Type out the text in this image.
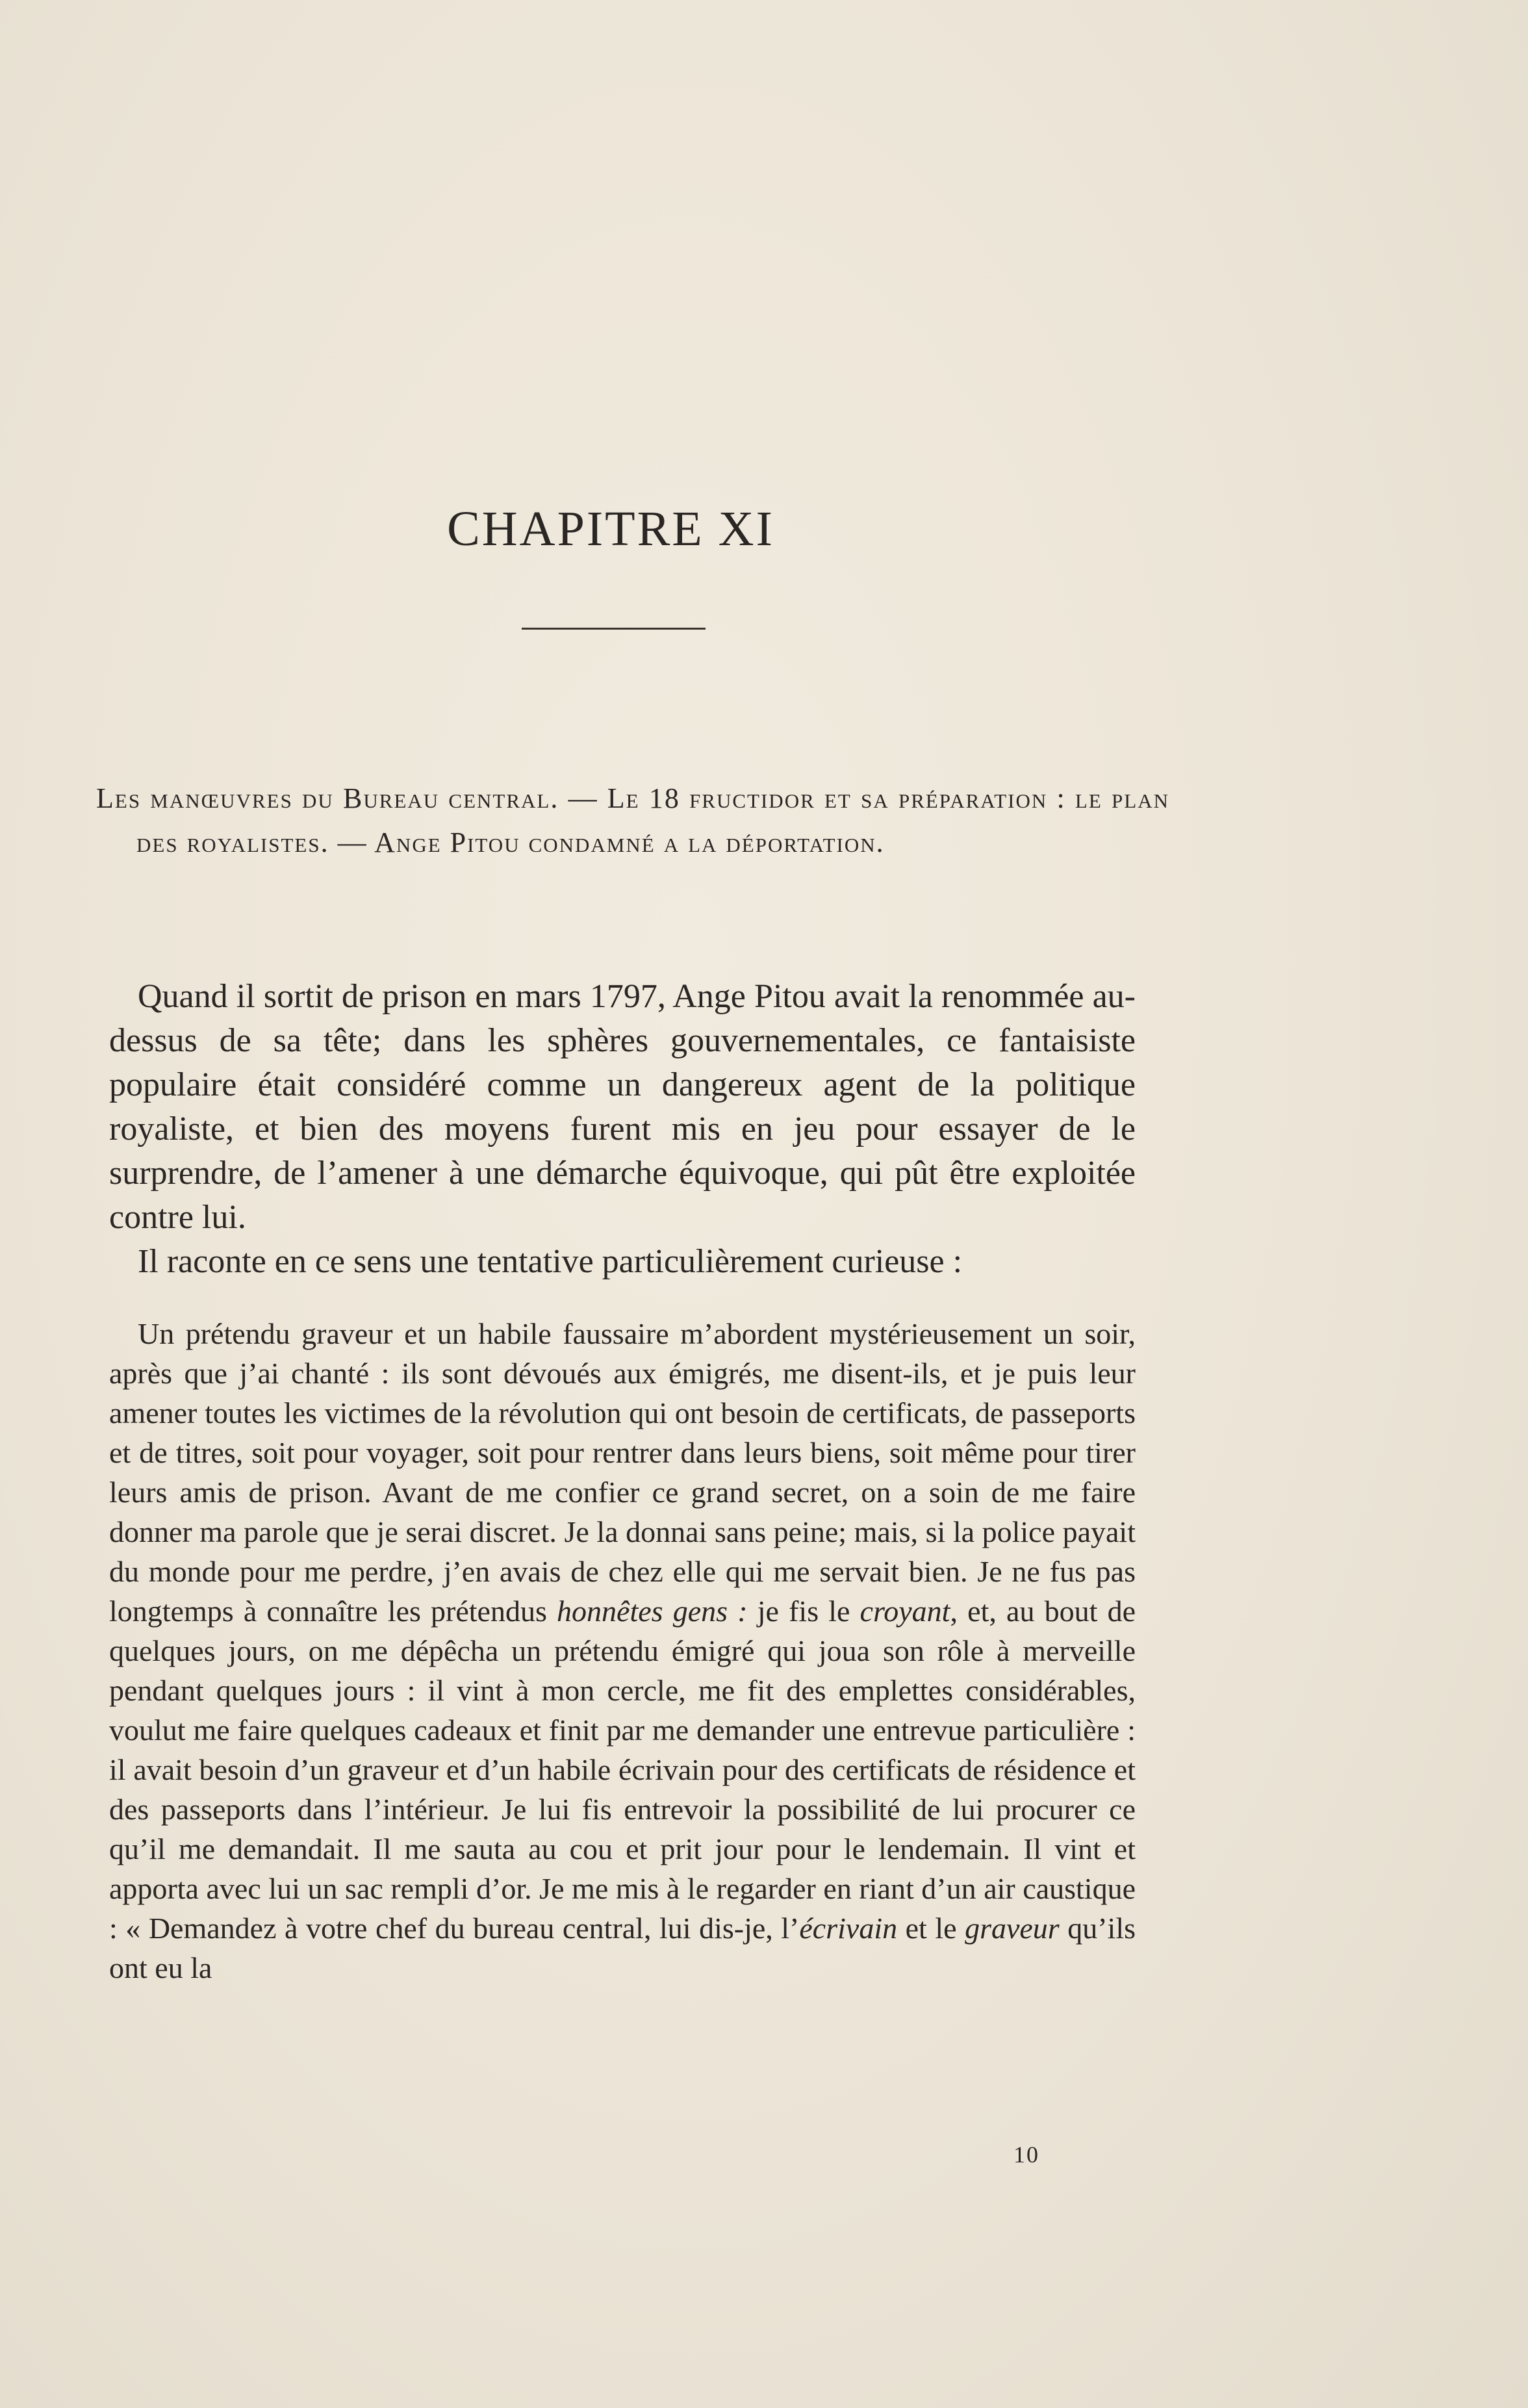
CHAPITRE XI
Les manœuvres du Bureau central. — Le 18 fructidor et sa préparation : le plan des royalistes. — Ange Pitou condamné a la déportation.

Quand il sortit de prison en mars 1797, Ange Pitou avait la renommée au-dessus de sa tête; dans les sphères gouvernementales, ce fantaisiste populaire était considéré comme un dangereux agent de la politique royaliste, et bien des moyens furent mis en jeu pour essayer de le surprendre, de l’amener à une démarche équivoque, qui pût être exploitée contre lui.

Il raconte en ce sens une tentative particulièrement curieuse :

Un prétendu graveur et un habile faussaire m’abordent mystérieusement un soir, après que j’ai chanté : ils sont dévoués aux émigrés, me disent-ils, et je puis leur amener toutes les victimes de la révolution qui ont besoin de certificats, de passeports et de titres, soit pour voyager, soit pour rentrer dans leurs biens, soit même pour tirer leurs amis de prison. Avant de me confier ce grand secret, on a soin de me faire donner ma parole que je serai discret. Je la donnai sans peine; mais, si la police payait du monde pour me perdre, j’en avais de chez elle qui me servait bien. Je ne fus pas longtemps à connaître les prétendus honnêtes gens : je fis le croyant, et, au bout de quelques jours, on me dépêcha un prétendu émigré qui joua son rôle à merveille pendant quelques jours : il vint à mon cercle, me fit des emplettes considérables, voulut me faire quelques cadeaux et finit par me demander une entrevue particulière : il avait besoin d’un graveur et d’un habile écrivain pour des certificats de résidence et des passeports dans l’intérieur. Je lui fis entrevoir la possibilité de lui procurer ce qu’il me demandait. Il me sauta au cou et prit jour pour le lendemain. Il vint et apporta avec lui un sac rempli d’or. Je me mis à le regarder en riant d’un air caustique : « Demandez à votre chef du bureau central, lui dis-je, l’écrivain et le graveur qu’ils ont eu la

10
